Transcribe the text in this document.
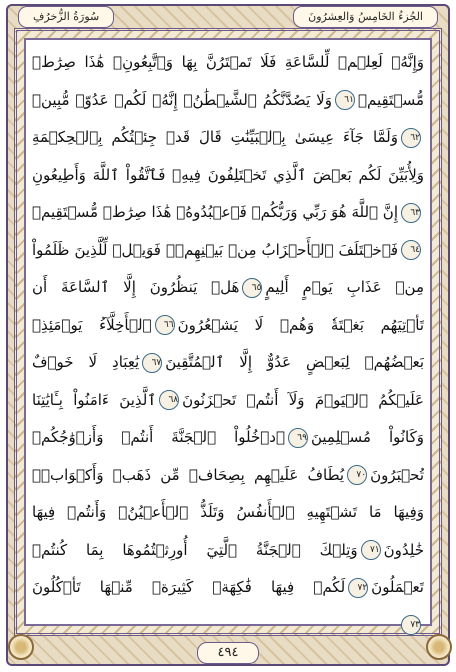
سُورَةُ الزُّخرُفِ	الجُزءُ الخَامِسُ وَالعِشرُونَ
وَإِنَّهُۥ لَعِلۡمٞ لِّلسَّاعَةِ فَلَا تَمۡتَرُنَّ بِهَا وَٱتَّبِعُونِۚ هَٰذَا صِرَٰطٞ
مُّسۡتَقِيمٞ٦١وَلَا يَصُدَّنَّكُمُ ٱلشَّيۡطَٰنُۖ إِنَّهُۥ لَكُمۡ عَدُوّٞ مُّبِينٞ
٦٢وَلَمَّا جَآءَ عِيسَىٰ بِٱلۡبَيِّنَٰتِ قَالَ قَدۡ جِئۡتُكُم بِٱلۡحِكۡمَةِ
وَلِأُبَيِّنَ لَكُم بَعۡضَ ٱلَّذِي تَخۡتَلِفُونَ فِيهِۖ فَٱتَّقُواْ ٱللَّهَ وَأَطِيعُونِ
٦٣إِنَّ ٱللَّهَ هُوَ رَبِّي وَرَبُّكُمۡ فَٱعۡبُدُوهُۚ هَٰذَا صِرَٰطٞ مُّسۡتَقِيمٞ
٦٤فَٱخۡتَلَفَ ٱلۡأَحۡزَابُ مِنۢ بَيۡنِهِمۡۖ فَوَيۡلٞ لِّلَّذِينَ ظَلَمُواْ
مِنۡ عَذَابِ يَوۡمٍ أَلِيمٍ٦٥هَلۡ يَنظُرُونَ إِلَّا ٱلسَّاعَةَ أَن
تَأۡتِيَهُم بَغۡتَةٗ وَهُمۡ لَا يَشۡعُرُونَ٦٦ٱلۡأَخِلَّآءُ يَوۡمَئِذِۭ
بَعۡضُهُمۡ لِبَعۡضٍ عَدُوٌّ إِلَّا ٱلۡمُتَّقِينَ٦٧يَٰعِبَادِ لَا خَوۡفٌ
عَلَيۡكُمُ ٱلۡيَوۡمَ وَلَآ أَنتُمۡ تَحۡزَنُونَ٦٨ٱلَّذِينَ ءَامَنُواْ بِـَٔايَٰتِنَا
وَكَانُواْ مُسۡلِمِينَ٦٩ٱدۡخُلُواْ ٱلۡجَنَّةَ أَنتُمۡ وَأَزۡوَٰجُكُمۡ
تُحۡبَرُونَ٧٠يُطَافُ عَلَيۡهِم بِصِحَافٖ مِّن ذَهَبٖ وَأَكۡوَابٖۖ
وَفِيهَا مَا تَشۡتَهِيهِ ٱلۡأَنفُسُ وَتَلَذُّ ٱلۡأَعۡيُنُۖ وَأَنتُمۡ فِيهَا
خَٰلِدُونَ٧١وَتِلۡكَ ٱلۡجَنَّةُ ٱلَّتِيٓ أُورِثۡتُمُوهَا بِمَا كُنتُمۡ
تَعۡمَلُونَ٧٢لَكُمۡ فِيهَا فَٰكِهَةٞ كَثِيرَةٞ مِّنۡهَا تَأۡكُلُونَ
٧٣
٤٩٤
